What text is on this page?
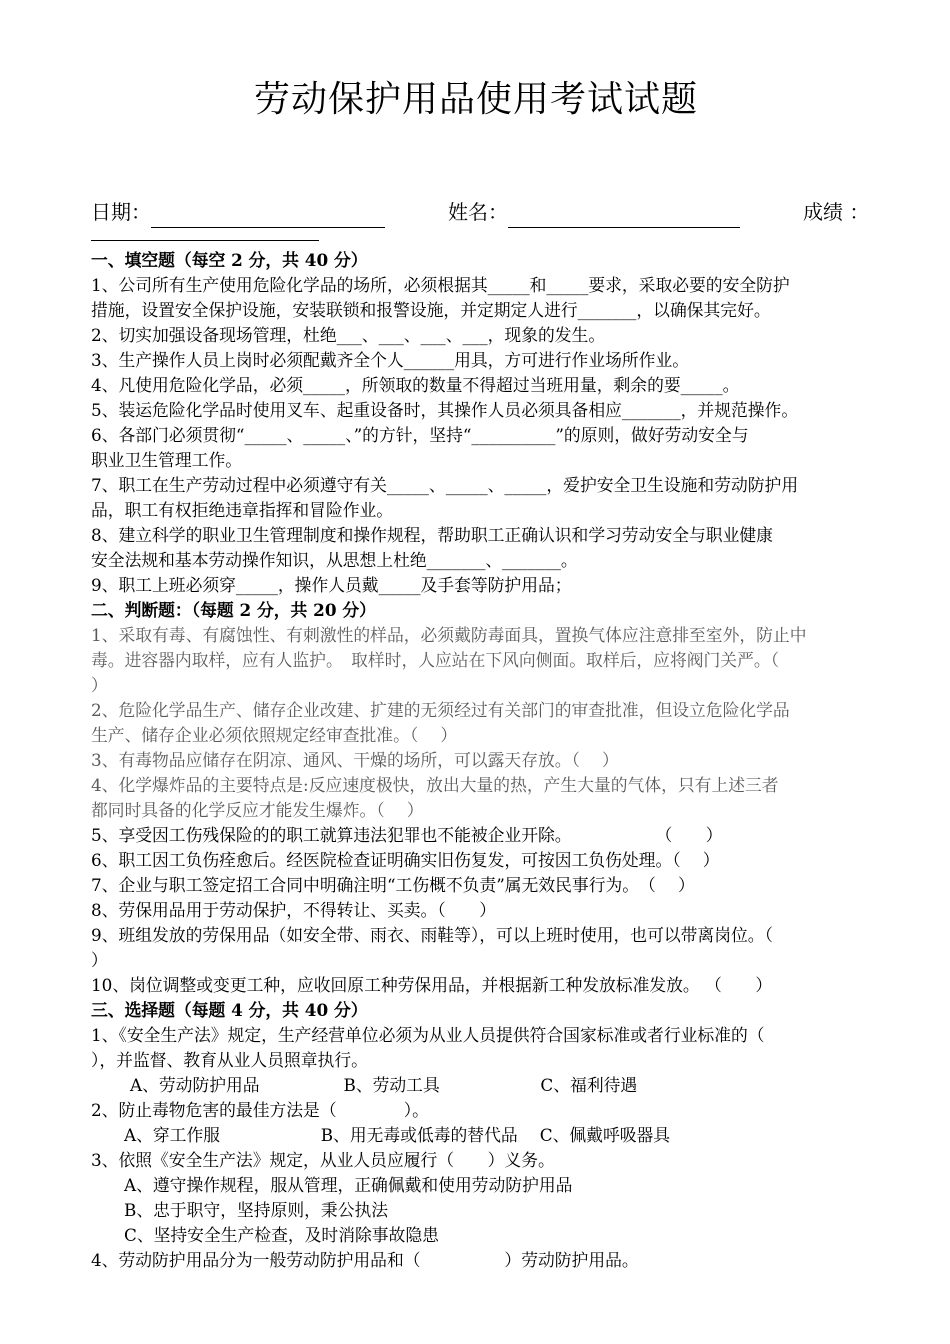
劳动保护用品使用考试试题
日期：	姓名：	成绩 ：
一、填空题（每空 2 分，共 40 分）
1、公司所有生产使用危险化学品的场所，必须根据其_____和_____要求，采取必要的安全防护
措施，设置安全保护设施，安装联锁和报警设施，并定期定人进行_______，以确保其完好。
2、切实加强设备现场管理，杜绝___、___、___、___，现象的发生。
3、生产操作人员上岗时必须配戴齐全个人______用具，方可进行作业场所作业。
4、凡使用危险化学品，必须_____，所领取的数量不得超过当班用量，剩余的要_____。
5、装运危险化学品时使用叉车、起重设备时，其操作人员必须具备相应_______，并规范操作。
6、各部门必须贯彻“_____、_____、”的方针，坚持“__________”的原则，做好劳动安全与
职业卫生管理工作。
7、职工在生产劳动过程中必须遵守有关_____、_____、_____，爱护安全卫生设施和劳动防护用
品，职工有权拒绝违章指挥和冒险作业。
8、建立科学的职业卫生管理制度和操作规程，帮助职工正确认识和学习劳动安全与职业健康
安全法规和基本劳动操作知识，从思想上杜绝_______、_______。
9、职工上班必须穿_____，操作人员戴_____及手套等防护用品；
二、判断题：（每题 2 分，共 20 分）
1、采取有毒、有腐蚀性、有刺激性的样品，必须戴防毒面具，置换气体应注意排至室外，防止中
毒。进容器内取样，应有人监护。　取样时，人应站在下风向侧面。取样后，应将阀门关严。（
）
2、危险化学品生产、储存企业改建、扩建的无须经过有关部门的审查批准，但设立危险化学品
生产、储存企业必须依照规定经审查批准。（　 ）
3、有毒物品应储存在阴凉、通风、干燥的场所，可以露天存放。（　 ）
4、化学爆炸品的主要特点是:反应速度极快，放出大量的热，产生大量的气体，只有上述三者
都同时具备的化学反应才能发生爆炸。（　 ）
5、享受因工伤残保险的的职工就算违法犯罪也不能被企业开除。　　　　　　（　　）
6、职工因工负伤痊愈后。经医院检查证明确实旧伤复发，可按因工负伤处理。（　 ）
7、企业与职工签定招工合同中明确注明“工伤概不负责”属无效民事行为。　（　 ）
8、劳保用品用于劳动保护，不得转让、买卖。（　　）
9、班组发放的劳保用品（如安全带、雨衣、雨鞋等），可以上班时使用，也可以带离岗位。（
）
10、岗位调整或变更工种，应收回原工种劳保用品，并根据新工种发放标准发放。 （　　）
三、选择题（每题 4 分，共 40 分）
1、《安全生产法》规定，生产经营单位必须为从业人员提供符合国家标准或者行业标准的（
），并监督、教育从业人员照章执行。
A、劳动防护用品　　　　　B、劳动工具　　　　　　C、福利待遇
2、防止毒物危害的最佳方法是（　　　　）。
A、穿工作服　　　　　　B、用无毒或低毒的替代品　 C、佩戴呼吸器具
3、依照《安全生产法》规定，从业人员应履行（　　）义务。
A、遵守操作规程，服从管理，正确佩戴和使用劳动防护用品
B、忠于职守，坚持原则，秉公执法
C、坚持安全生产检查，及时消除事故隐患
4、劳动防护用品分为一般劳动防护用品和（　　　　　）劳动防护用品。
